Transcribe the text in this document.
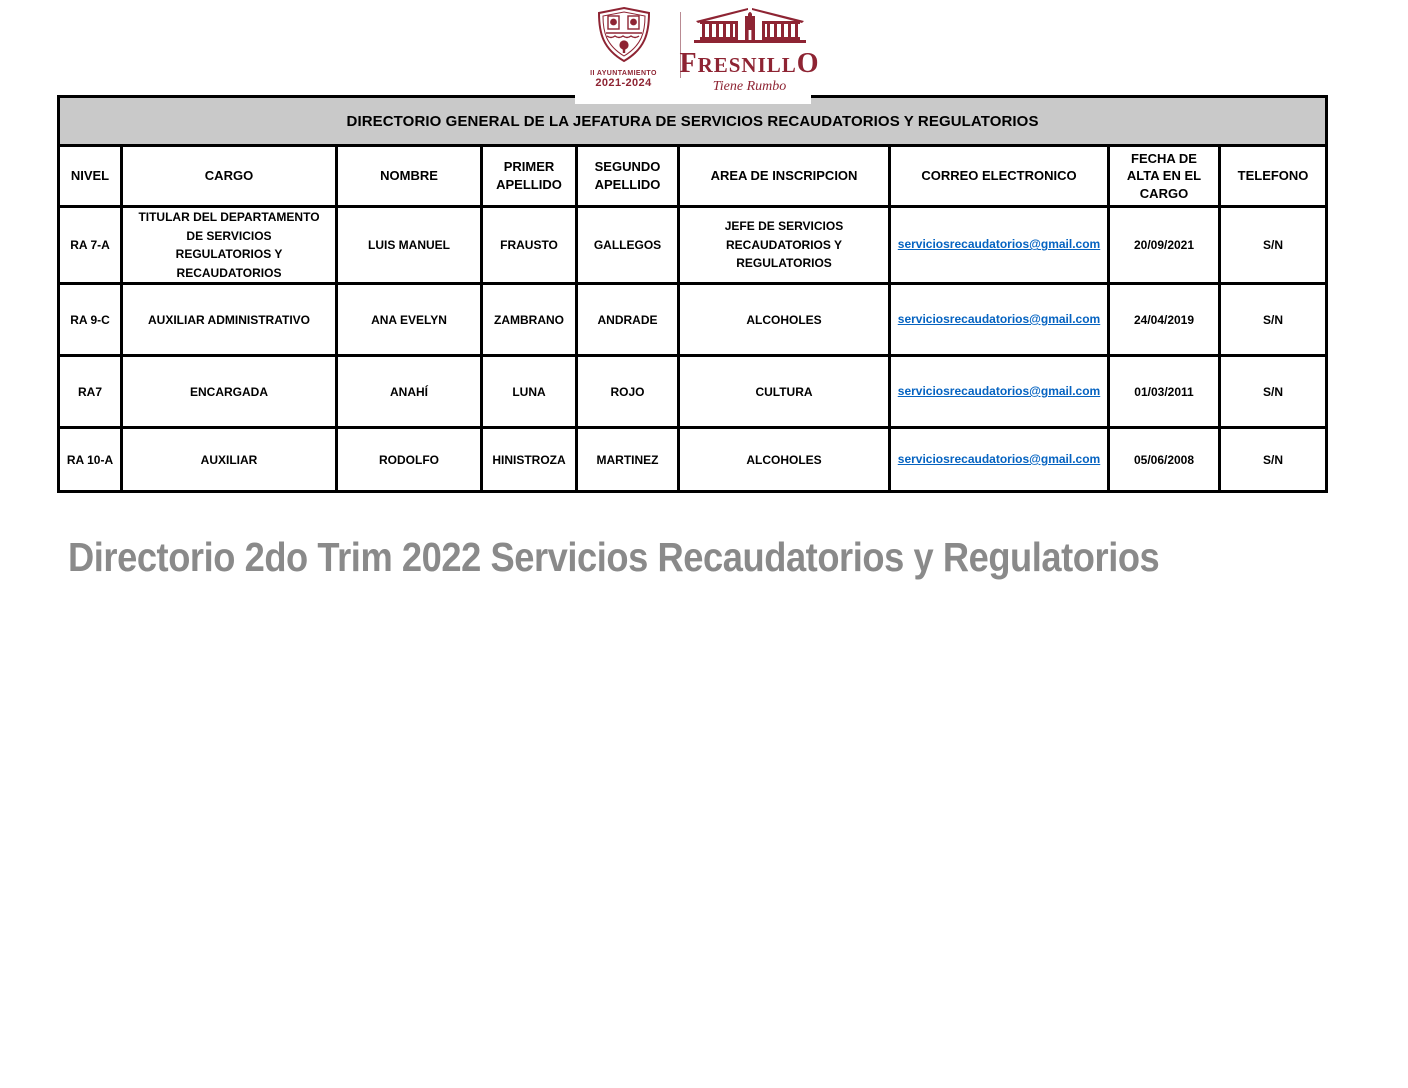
II AYUNTAMIENTO
2021-2024
FRESNILLO
Tiene Rumbo
DIRECTORIO GENERAL DE LA JEFATURA DE SERVICIOS RECAUDATORIOS Y REGULATORIOS								
NIVEL	CARGO	NOMBRE	PRIMER APELLIDO	SEGUNDO APELLIDO	AREA DE INSCRIPCION	CORREO ELECTRONICO	FECHA DE ALTA EN EL CARGO	TELEFONO
RA 7-A	TITULAR DEL DEPARTAMENTO DE SERVICIOS REGULATORIOS Y RECAUDATORIOS	LUIS MANUEL	FRAUSTO	GALLEGOS	JEFE DE SERVICIOS RECAUDATORIOS Y REGULATORIOS	serviciosrecaudatorios@gmail.com	20/09/2021	S/N
RA 9-C	AUXILIAR ADMINISTRATIVO	ANA EVELYN	ZAMBRANO	ANDRADE	ALCOHOLES	serviciosrecaudatorios@gmail.com	24/04/2019	S/N
RA7	ENCARGADA	ANAHÍ	LUNA	ROJO	CULTURA	serviciosrecaudatorios@gmail.com	01/03/2011	S/N
RA 10-A	AUXILIAR	RODOLFO	HINISTROZA	MARTINEZ	ALCOHOLES	serviciosrecaudatorios@gmail.com	05/06/2008	S/N
Directorio 2do Trim 2022 Servicios Recaudatorios y Regulatorios
